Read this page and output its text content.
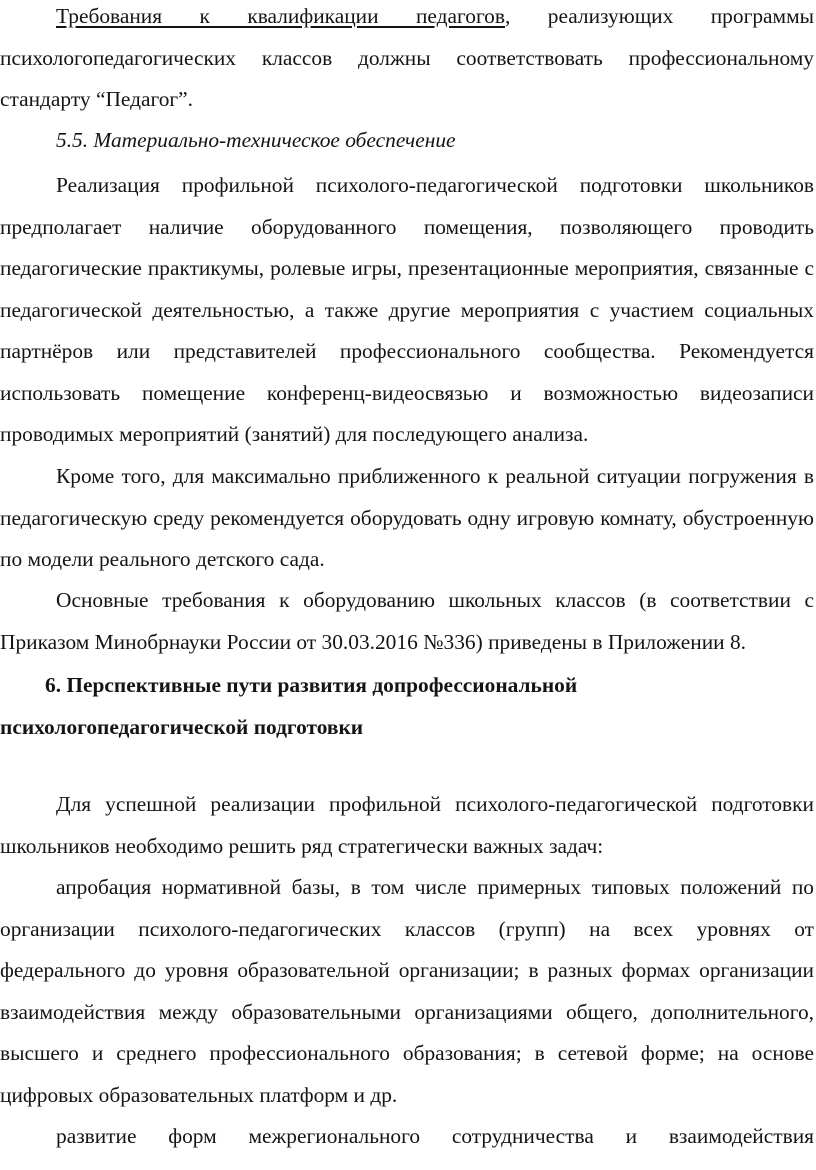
Требования к квалификации педагогов, реализующих программы психологопедагогических классов должны соответствовать профессиональному стандарту “Педагог”.

5.5. Материально-техническое обеспечение

Реализация профильной психолого-педагогической подготовки школьников предполагает наличие оборудованного помещения, позволяющего проводить педагогические практикумы, ролевые игры, презентационные мероприятия, связанные с педагогической деятельностью, а также другие мероприятия с участием социальных партнёров или представителей профессионального сообщества. Рекомендуется использовать помещение конференц-видеосвязью и возможностью видеозаписи проводимых мероприятий (занятий) для последующего анализа.

Кроме того, для максимально приближенного к реальной ситуации погружения в педагогическую среду рекомендуется оборудовать одну игровую комнату, обустроенную по модели реального детского сада.

Основные требования к оборудованию школьных классов (в соответствии с Приказом Минобрнауки России от 30.03.2016 №336) приведены в Приложении 8.

6. Перспективные пути развития допрофессиональной

психологопедагогической подготовки

Для успешной реализации профильной психолого-педагогической подготовки школьников необходимо решить ряд стратегически важных задач:

апробация нормативной базы, в том числе примерных типовых положений по организации психолого-педагогических классов (групп) на всех уровнях от федерального до уровня образовательной организации; в разных формах организации взаимодействия между образовательными организациями общего, дополнительного, высшего и среднего профессионального образования; в сетевой форме; на основе цифровых образовательных платформ и др.

развитие форм межрегионального сотрудничества и взаимодействия
